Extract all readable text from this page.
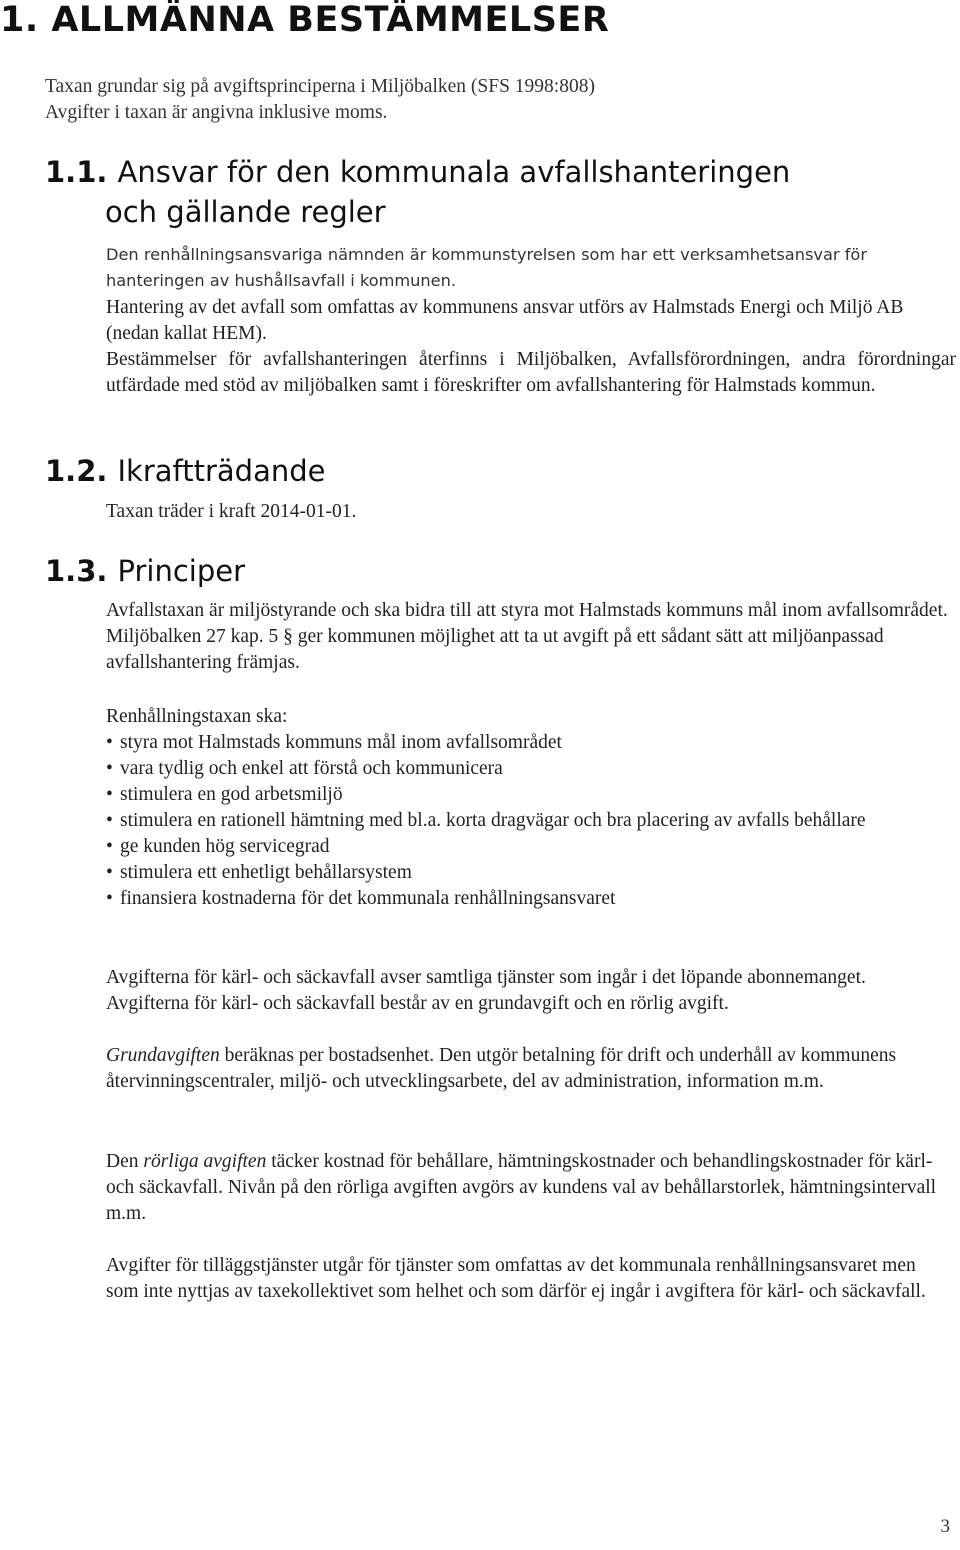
1. ALLMÄNNA BESTÄMMELSER

Taxan grundar sig på avgiftsprinciperna i Miljöbalken (SFS 1998:808)

Avgifter i taxan är angivna inklusive moms.

1.1. Ansvar för den kommunala avfallshanteringen
och gällande regler

Den renhållningsansvariga nämnden är kommunstyrelsen som har ett verksamhetsansvar för hanteringen av hushållsavfall i kommunen.

Hantering av det avfall som omfattas av kommunens ansvar utförs av Halmstads Energi och Miljö AB (nedan kallat HEM).

Bestämmelser för avfallshanteringen återfinns i Miljöbalken, Avfallsförordningen, andra förordningar utfärdade med stöd av miljöbalken samt i föreskrifter om avfallshantering för Halmstads kommun.

1.2. Ikraftträdande

Taxan träder i kraft 2014-01-01.

1.3. Principer

Avfallstaxan är miljöstyrande och ska bidra till att styra mot Halmstads kommuns mål inom avfallsområdet. Miljöbalken 27 kap. 5 § ger kommunen möjlighet att ta ut avgift på ett sådant sätt att miljöanpassad avfallshantering främjas.

Renhållningstaxan ska:

• styra mot Halmstads kommuns mål inom avfallsområdet
• vara tydlig och enkel att förstå och kommunicera
• stimulera en god arbetsmiljö
• stimulera en rationell hämtning med bl.a. korta dragvägar och bra placering av avfalls behållare
• ge kunden hög servicegrad
• stimulera ett enhetligt behållarsystem
• finansiera kostnaderna för det kommunala renhållningsansvaret

Avgifterna för kärl- och säckavfall avser samtliga tjänster som ingår i det löpande abonnemanget. Avgifterna för kärl- och säckavfall består av en grundavgift och en rörlig avgift.

Grundavgiften beräknas per bostadsenhet. Den utgör betalning för drift och underhåll av kommunens återvinningscentraler, miljö- och utvecklingsarbete, del av administration, information m.m.

Den rörliga avgiften täcker kostnad för behållare, hämtningskostnader och behandlingskostnader för kärl- och säckavfall. Nivån på den rörliga avgiften avgörs av kundens val av behållarstorlek, hämtningsintervall m.m.

Avgifter för tilläggstjänster utgår för tjänster som omfattas av det kommunala renhållningsansvaret men som inte nyttjas av taxekollektivet som helhet och som därför ej ingår i avgiftera för kärl- och säckavfall.

3
